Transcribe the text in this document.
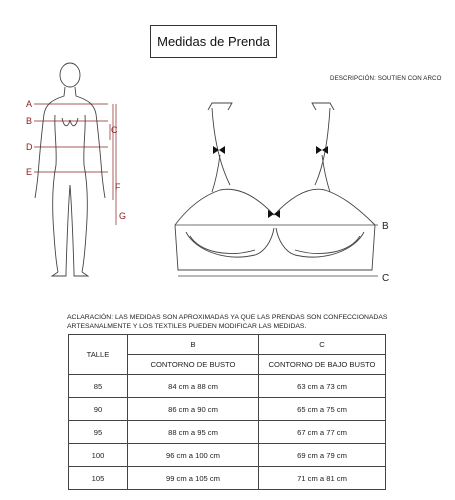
Medidas de Prenda
DESCRIPCIÓN: SOUTIEN CON ARCO
A
B
C
D
E
F
G
B
C
ACLARACIÓN: LAS MEDIDAS SON APROXIMADAS YA QUE LAS PRENDAS SON CONFECCIONADAS ARTESANALMENTE Y LOS TEXTILES PUEDEN MODIFICAR LAS MEDIDAS.
TALLE	B	C
	CONTORNO DE BUSTO	CONTORNO DE BAJO BUSTO
85	84 cm a 88 cm	63 cm a 73 cm
90	86 cm a 90 cm	65 cm a 75 cm
95	88 cm a 95 cm	67 cm a 77 cm
100	96 cm a 100 cm	69 cm a 79 cm
105	99 cm a 105 cm	71 cm a 81 cm
